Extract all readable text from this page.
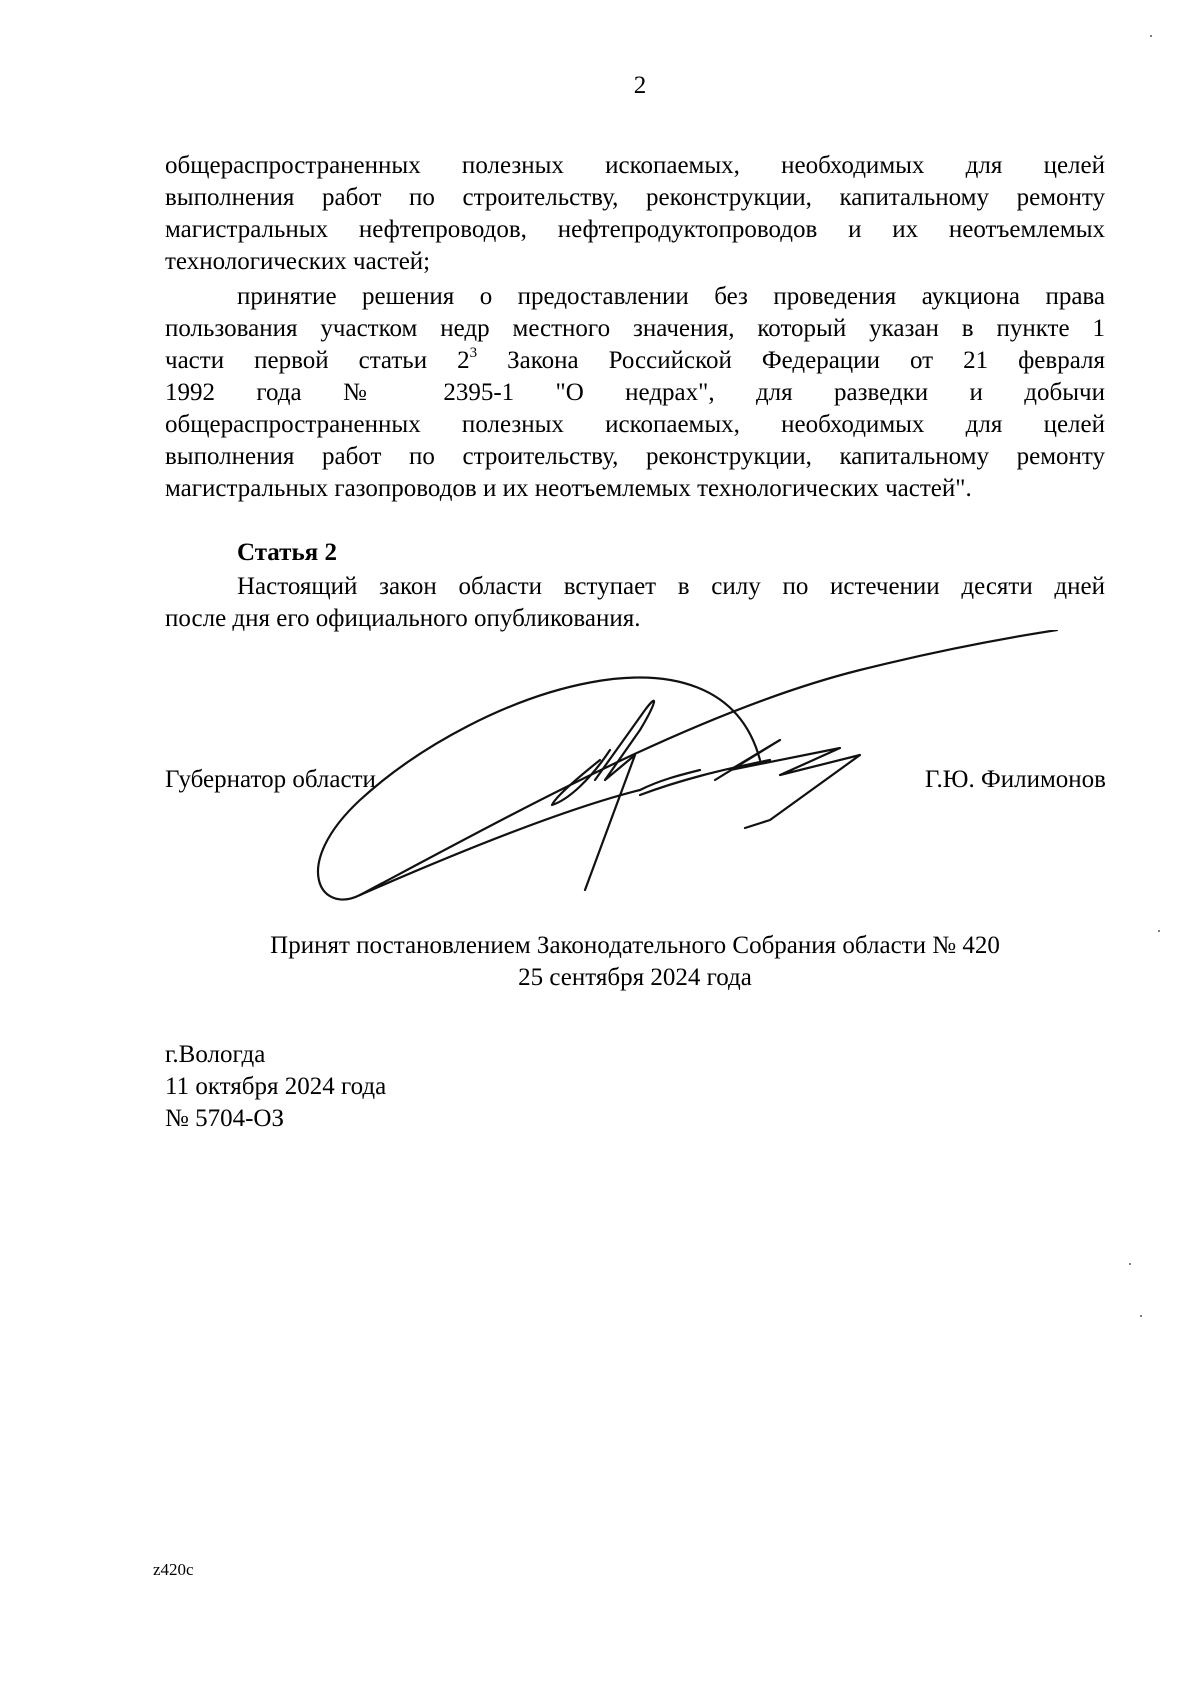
2

общераспространенных полезных ископаемых, необходимых для целей

выполнения работ по строительству, реконструкции, капитальному ремонту

магистральных нефтепроводов, нефтепродуктопроводов и их неотъемлемых

технологических частей;

принятие решения о предоставлении без проведения аукциона права

пользования участком недр местного значения, который указан в пункте 1

части первой статьи $2^3$ Закона Российской Федерации от 21 февраля

1992 года № 2395-1 "О недрах", для разведки и добычи

общераспространенных полезных ископаемых, необходимых для целей

выполнения работ по строительству, реконструкции, капитальному ремонту

магистральных газопроводов и их неотъемлемых технологических частей".

Статья 2

Настоящий закон области вступает в силу по истечении десяти дней

после дня его официального опубликования.

Губернатор области	Г.Ю. Филимонов
Принят постановлением Законодательного Собрания области № 420
25 сентября 2024 года
г.Вологда
11 октября 2024 года
№ 5704-ОЗ
z420c
